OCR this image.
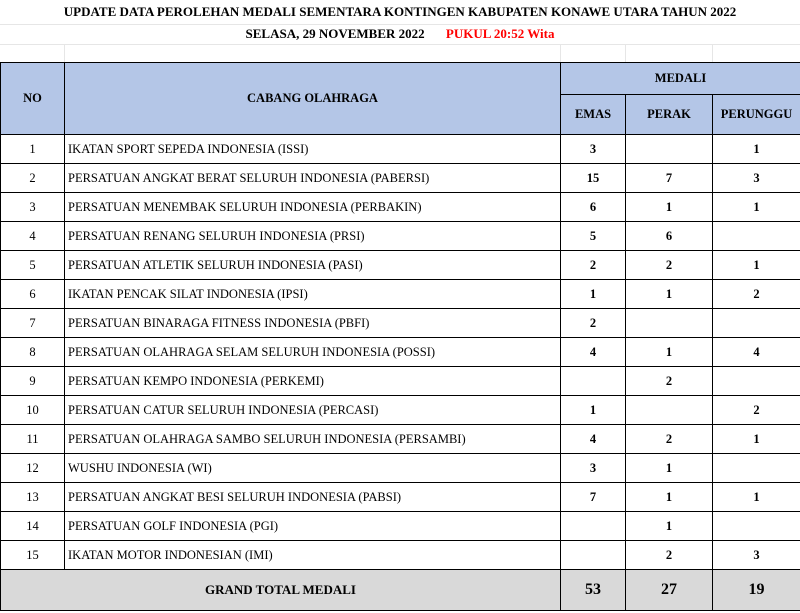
UPDATE DATA PEROLEHAN MEDALI SEMENTARA KONTINGEN KABUPATEN KONAWE UTARA TAHUN 2022
SELASA, 29 NOVEMBER 2022 PUKUL 20:52 Wita
NO	CABANG OLAHRAGA	MEDALI		
		EMAS	PERAK	PERUNGGU
1	IKATAN SPORT SEPEDA INDONESIA (ISSI)	3		1
2	PERSATUAN ANGKAT BERAT SELURUH INDONESIA (PABERSI)	15	7	3
3	PERSATUAN MENEMBAK SELURUH INDONESIA (PERBAKIN)	6	1	1
4	PERSATUAN RENANG SELURUH INDONESIA (PRSI)	5	6	
5	PERSATUAN ATLETIK SELURUH INDONESIA (PASI)	2	2	1
6	IKATAN PENCAK SILAT INDONESIA (IPSI)	1	1	2
7	PERSATUAN BINARAGA FITNESS INDONESIA (PBFI)	2		
8	PERSATUAN OLAHRAGA SELAM SELURUH INDONESIA (POSSI)	4	1	4
9	PERSATUAN KEMPO INDONESIA (PERKEMI)		2	
10	PERSATUAN CATUR SELURUH INDONESIA (PERCASI)	1		2
11	PERSATUAN OLAHRAGA SAMBO SELURUH INDONESIA (PERSAMBI)	4	2	1
12	WUSHU INDONESIA (WI)	3	1	
13	PERSATUAN ANGKAT BESI SELURUH INDONESIA (PABSI)	7	1	1
14	PERSATUAN GOLF INDONESIA (PGI)		1	
15	IKATAN MOTOR INDONESIAN (IMI)		2	3
GRAND TOTAL MEDALI		53	27	19
